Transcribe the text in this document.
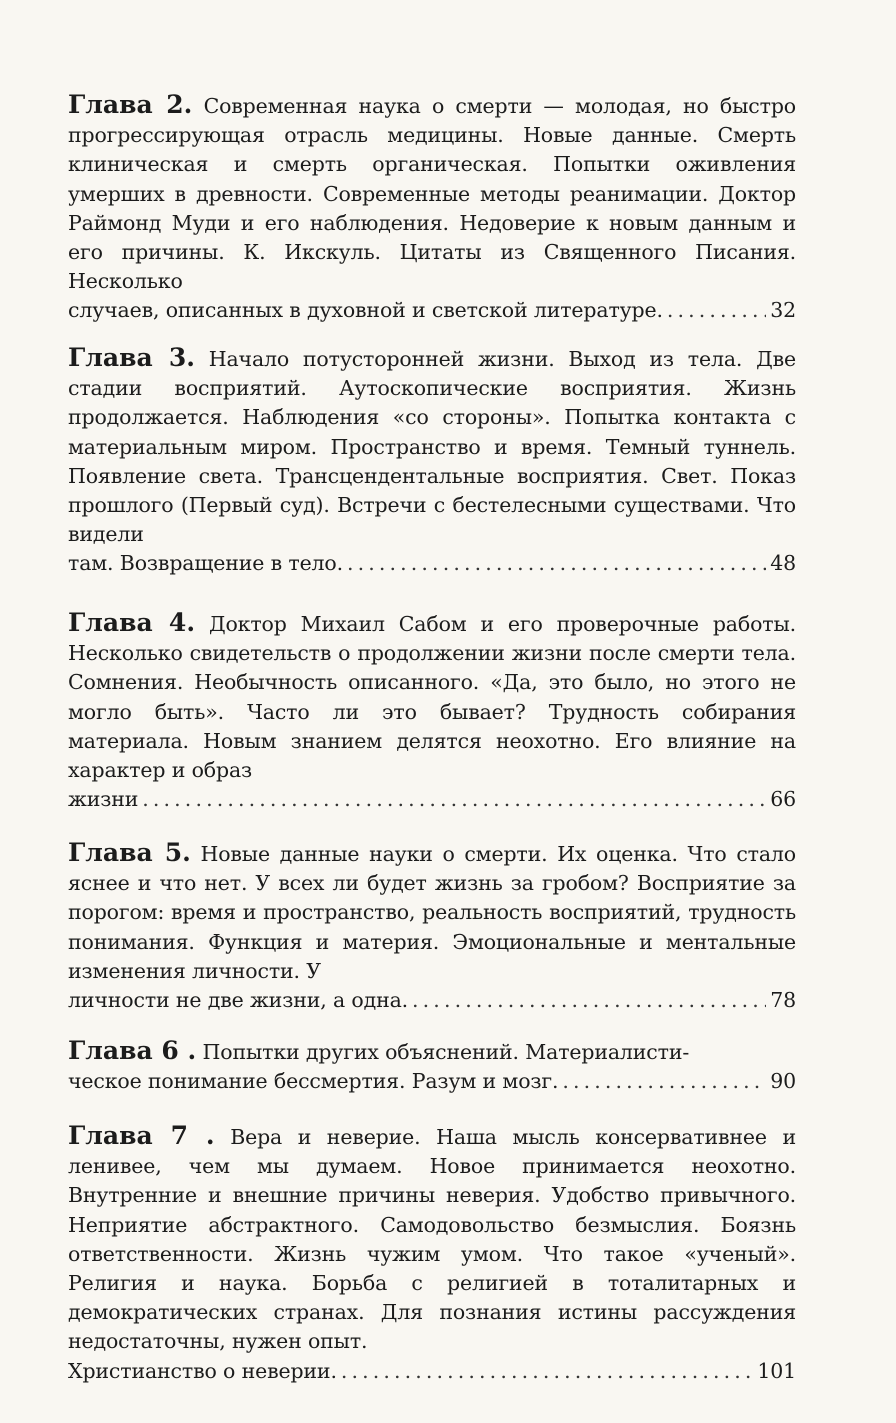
Глава 2. Современная наука о смерти — молодая, но быстро прогрессирующая отрасль медицины. Новые данные. Смерть клиническая и смерть органическая. Попытки оживления умерших в древности. Современные методы реанимации. Доктор Раймонд Муди и его наблюдения. Недоверие к новым данным и его причины. К. Икскуль. Цитаты из Священного Писания. Несколько
случаев, описанных в духовной и светской литературе. . . .	32
Глава 3. Начало потусторонней жизни. Выход из тела. Две стадии восприятий. Аутоскопические восприятия. Жизнь продолжается. Наблюдения «со стороны». Попытка контакта с материальным миром. Пространство и время. Темный туннель. Появление света. Трансцендентальные восприятия. Свет. Показ прошлого (Первый суд). Встречи с бестелесными существами. Что видели
там. Возвращение в тело. . . .	48
Глава 4. Доктор Михаил Сабом и его проверочные работы. Несколько свидетельств о продолжении жизни после смерти тела. Сомнения. Необычность описанного. «Да, это было, но этого не могло быть». Часто ли это бывает? Трудность собирания материала. Новым знанием делятся неохотно. Его влияние на характер и образ
жизни . . .	66
Глава 5. Новые данные науки о смерти. Их оценка. Что стало яснее и что нет. У всех ли будет жизнь за гробом? Восприятие за порогом: время и пространство, реальность восприятий, трудность понимания. Функция и материя. Эмоциональные и ментальные изменения личности. У
личности не две жизни, а одна. . . .	78
Глава 6 . Попытки других объяснений. Материалисти-
ческое понимание бессмертия. Разум и мозг. . . .	90
Глава 7 . Вера и неверие. Наша мысль консервативнее и ленивее, чем мы думаем. Новое принимается неохотно. Внутренние и внешние причины неверия. Удобство привычного. Неприятие абстрактного. Самодовольство безмыслия. Боязнь ответственности. Жизнь чужим умом. Что такое «ученый». Религия и наука. Борьба с религией в тоталитарных и демократических странах. Для познания истины рассуждения недостаточны, нужен опыт.
Христианство о неверии. . . .	101
